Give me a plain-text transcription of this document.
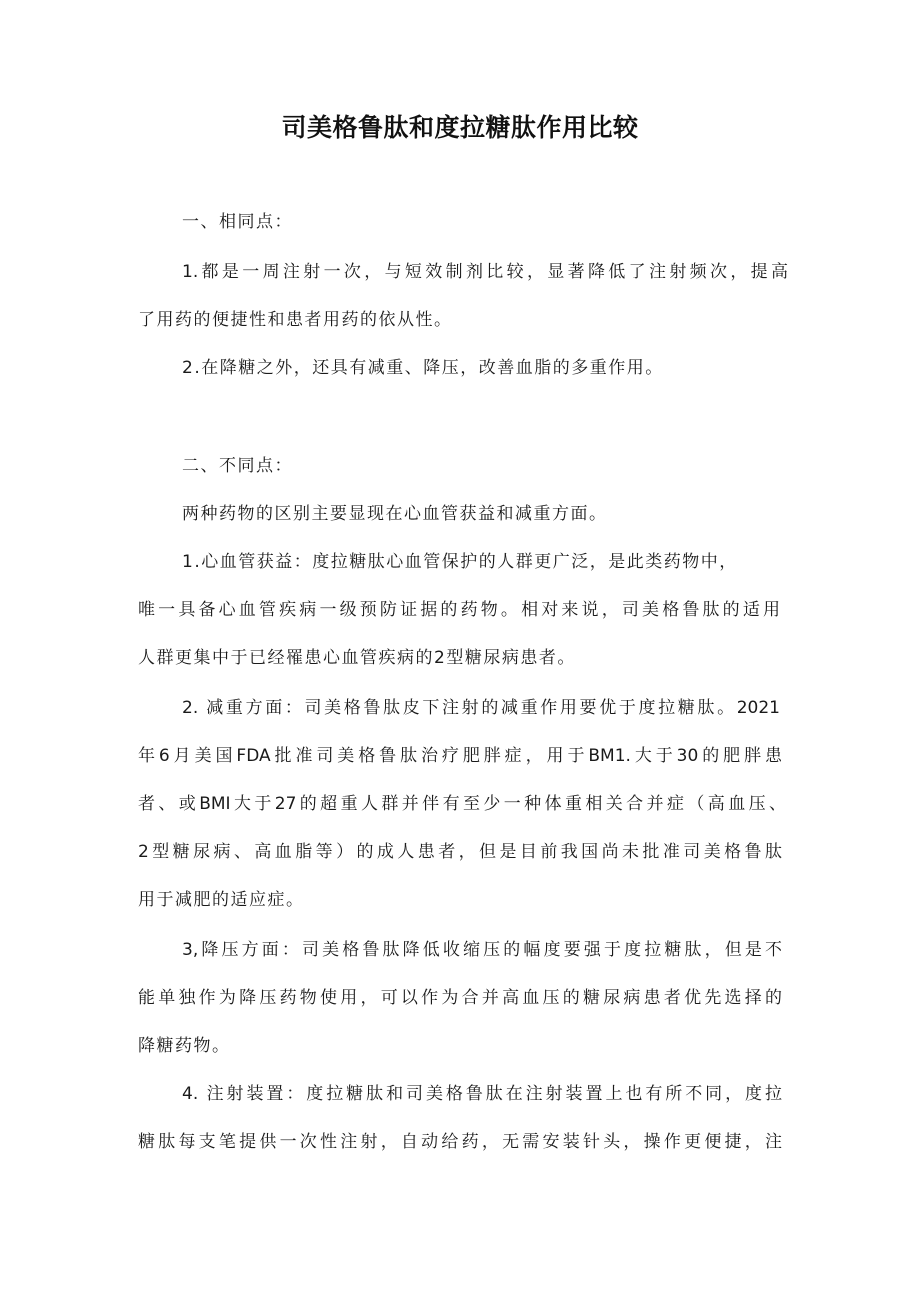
司美格鲁肽和度拉糖肽作用比较
一、相同点：
1.都是一周注射一次，与短效制剂比较，显著降低了注射频次，提高
了用药的便捷性和患者用药的依从性。
2.在降糖之外，还具有减重、降压，改善血脂的多重作用。
二、不同点：
两种药物的区别主要显现在心血管获益和减重方面。
1.心血管获益：度拉糖肽心血管保护的人群更广泛，是此类药物中，
唯一具备心血管疾病一级预防证据的药物。相对来说，司美格鲁肽的适用
人群更集中于已经罹患心血管疾病的2型糖尿病患者。
2. 减重方面：司美格鲁肽皮下注射的减重作用要优于度拉糖肽。2021
年6月美国FDA批准司美格鲁肽治疗肥胖症，用于BM1.大于30的肥胖患
者、或BMI大于27的超重人群并伴有至少一种体重相关合并症（高血压、
2型糖尿病、高血脂等）的成人患者，但是目前我国尚未批准司美格鲁肽
用于减肥的适应症。
3,降压方面：司美格鲁肽降低收缩压的幅度要强于度拉糖肽，但是不
能单独作为降压药物使用，可以作为合并高血压的糖尿病患者优先选择的
降糖药物。
4. 注射装置：度拉糖肽和司美格鲁肽在注射装置上也有所不同，度拉
糖肽每支笔提供一次性注射，自动给药，无需安装针头，操作更便捷，注
